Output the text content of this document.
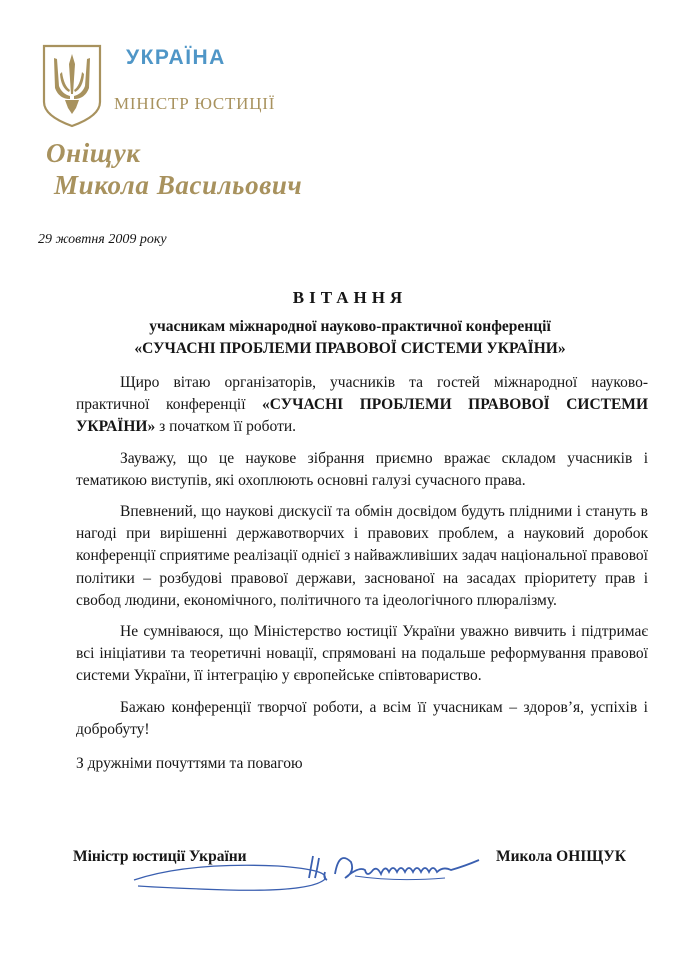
УКРАЇНА
МІНІСТР ЮСТИЦІЇ
Оніщук
Микола Васильович
29 жовтня 2009 року
ВІТАННЯ
учасникам міжнародної науково-практичної конференції
«СУЧАСНІ ПРОБЛЕМИ ПРАВОВОЇ СИСТЕМИ УКРАЇНИ»

Щиро вітаю організаторів, учасників та гостей міжнародної науково-практичної конференції «СУЧАСНІ ПРОБЛЕМИ ПРАВОВОЇ СИСТЕМИ УКРАЇНИ» з початком її роботи.

Зауважу, що це наукове зібрання приємно вражає складом учасників і тематикою виступів, які охоплюють основні галузі сучасного права.

Впевнений, що наукові дискусії та обмін досвідом будуть плідними і стануть в нагоді при вирішенні державотворчих і правових проблем, а науковий доробок конференції сприятиме реалізації однієї з найважливіших задач національної правової політики – розбудові правової держави, заснованої на засадах пріоритету прав і свобод людини, економічного, політичного та ідеологічного плюралізму.

Не сумніваюся, що Міністерство юстиції України уважно вивчить і підтримає всі ініціативи та теоретичні новації, спрямовані на подальше реформування правової системи України, її інтеграцію у європейське співтовариство.

Бажаю конференції творчої роботи, а всім її учасникам – здоров’я, успіхів і добробуту!

З дружніми почуттями та повагою

Міністр юстиції України	Микола ОНІЩУК
